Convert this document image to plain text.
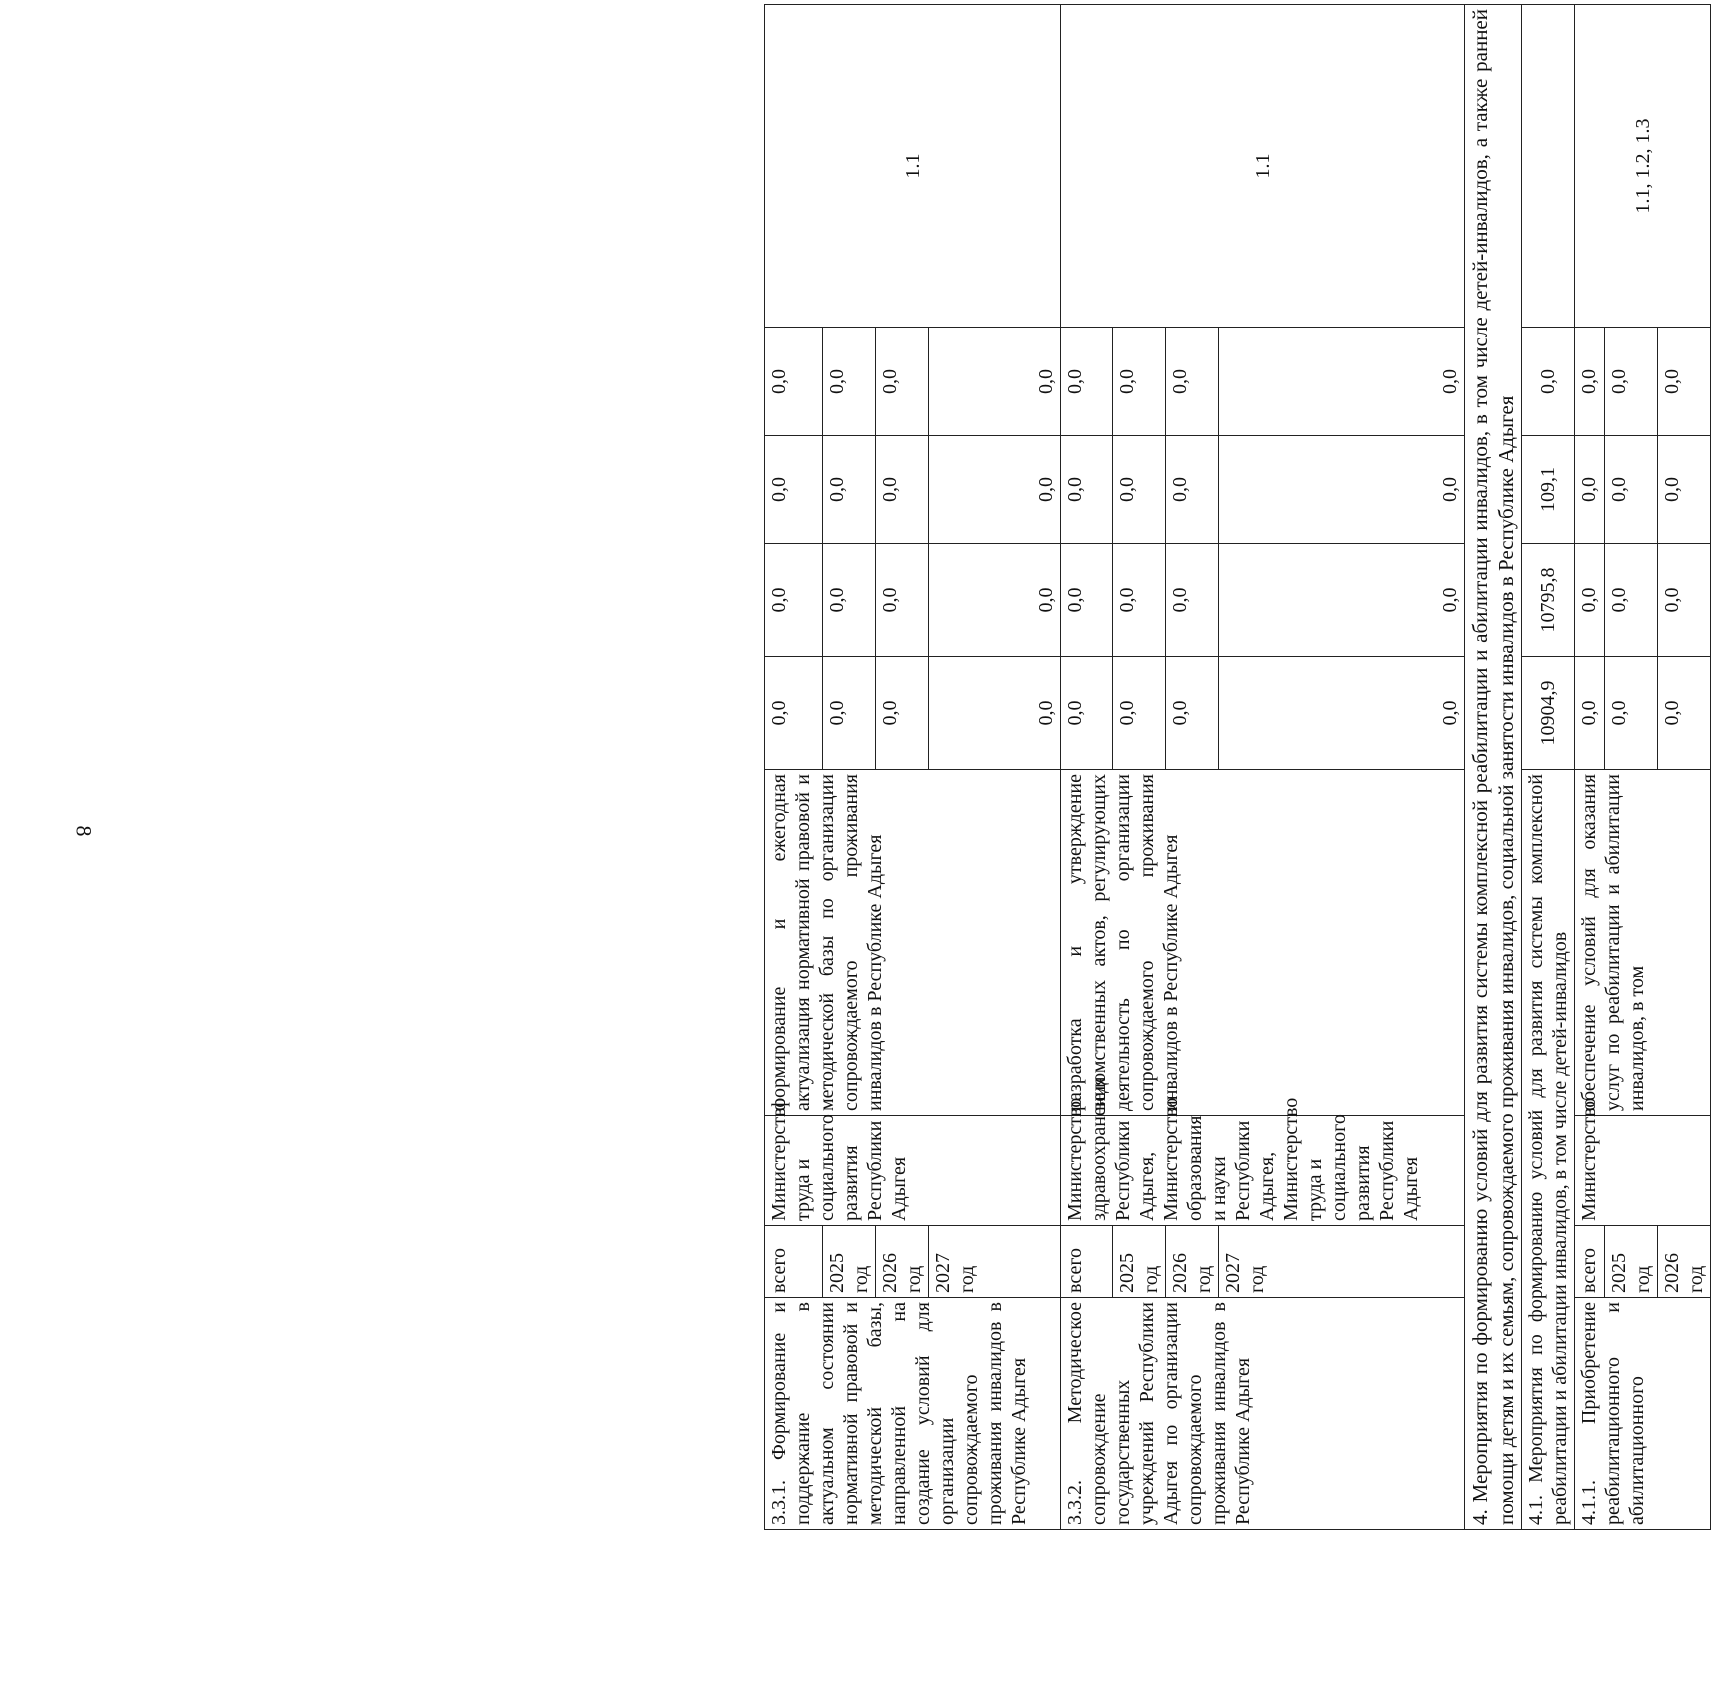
8
3.3.1. Формирование и поддержание в актуальном состоянии нормативной правовой и методической базы, направленной на создание условий для организации сопровождаемого проживания инвалидов в Республике Адыгея	всего	Министерство труда и социального развития Республики Адыгея	формирование и ежегодная актуализация нормативной правовой и методической базы по организации сопровождаемого проживания инвалидов в Республике Адыгея	0,0	0,0	0,0	0,0	1.1
	2025 год			0,0	0,0	0,0	0,0	
	2026 год			0,0	0,0	0,0	0,0	
	2027 год			0,0	0,0	0,0	0,0	
3.3.2. Методическое сопровождение государственных учреждений Республики Адыгея по организации сопровождаемого проживания инвалидов в Республике Адыгея	всего	Министерство здравоохранения Республики Адыгея, Министерство образования и науки Республики Адыгея, Министерство труда и социального развития Республики Адыгея	разработка и утверждение ведомственных актов, регулирующих деятельность по организации сопровождаемого проживания инвалидов в Республике Адыгея	0,0	0,0	0,0	0,0	1.1
	2025 год			0,0	0,0	0,0	0,0	
	2026 год			0,0	0,0	0,0	0,0	
	2027 год			0,0	0,0	0,0	0,0	
4. Мероприятия по формированию условий для развития системы комплексной реабилитации и абилитации инвалидов, в том числе детей-инвалидов, а также ранней помощи детям и их семьям, сопровождаемого проживания инвалидов, социальной занятости инвалидов в Республике Адыгея								
4.1. Мероприятия по формированию условий для развития системы комплексной реабилитации и абилитации инвалидов, в том числе детей-инвалидов				10904,9	10795,8	109,1	0,0	
4.1.1. Приобретение реабилитационного и абилитационного	всего	Министерство	обеспечение условий для оказания услуг по реабилитации и абилитации инвалидов, в том	0,0	0,0	0,0	0,0	1.1, 1.2, 1.3
	2025 год			0,0	0,0	0,0	0,0	
	2026 год			0,0	0,0	0,0	0,0	
